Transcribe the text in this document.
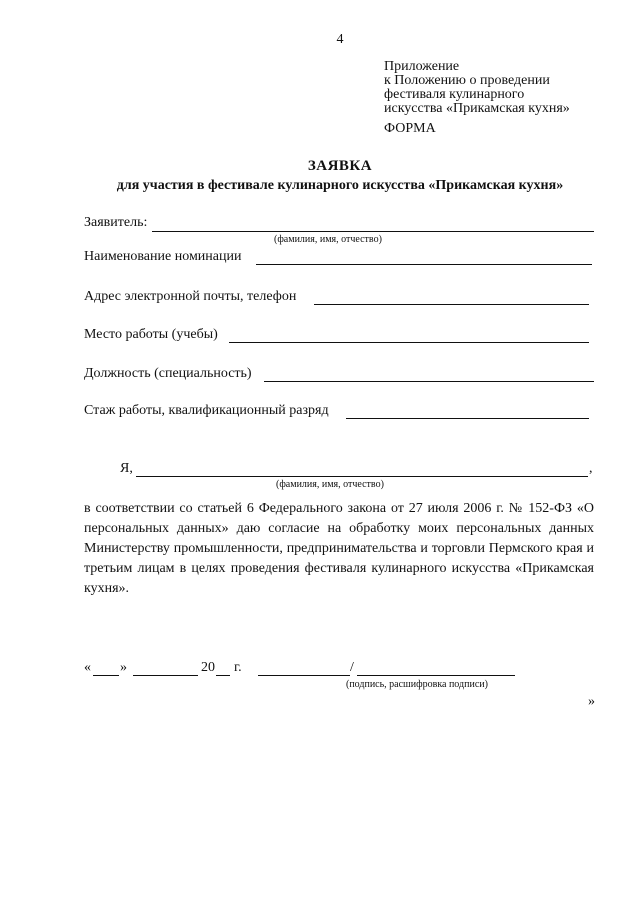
4
Приложение
к Положению о проведении
фестиваля кулинарного
искусства «Прикамская кухня»
ФОРМА
ЗАЯВКА
для участия в фестивале кулинарного искусства «Прикамская кухня»
Заявитель:
(фамилия, имя, отчество)
Наименование номинации
Адрес электронной почты, телефон
Место работы (учебы)
Должность (специальность)
Стаж работы, квалификационный разряд
Я,	,
(фамилия, имя, отчество)

в соответствии со статьей 6 Федерального закона от 27 июля 2006 г. № 152-ФЗ «О персональных данных» даю согласие на обработку моих персональных данных Министерству промышленности, предпринимательства и торговли Пермского края и третьим лицам в целях проведения фестиваля кулинарного искусства «Прикамская кухня».

« »	20 г.	/
(подпись, расшифровка подписи)
»
